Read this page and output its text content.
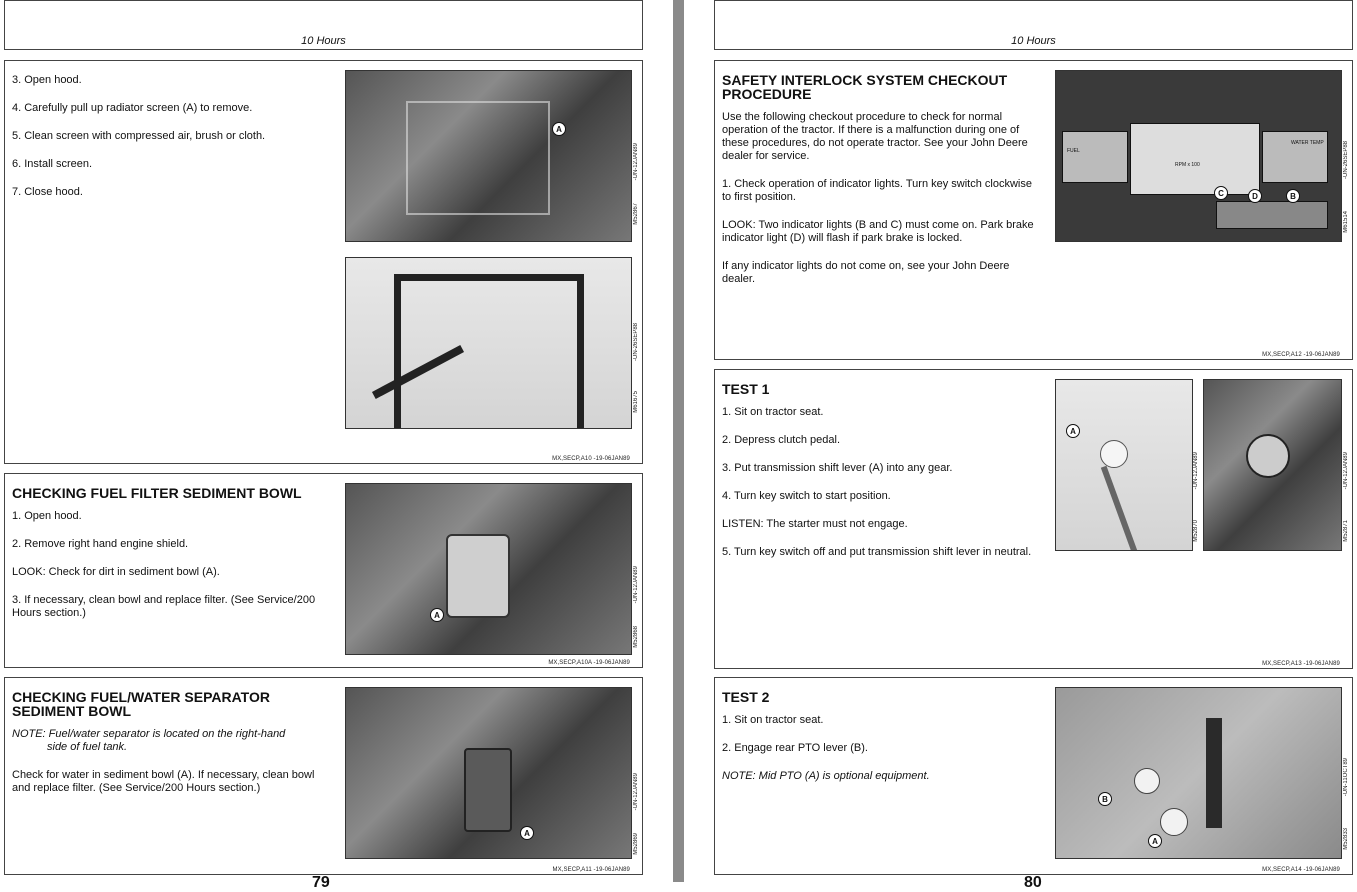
10 Hours

3. Open hood.

4. Carefully pull up radiator screen (A) to remove.

5. Clean screen with compressed air, brush or cloth.

6. Install screen.

7. Close hood.

A
M52867
-UN-12JAN89
M61675
-UN-26SEP88
MX,SECP,A10 -19-06JAN89
CHECKING FUEL FILTER SEDIMENT BOWL

1. Open hood.

2. Remove right hand engine shield.

LOOK: Check for dirt in sediment bowl (A).

3. If necessary, clean bowl and replace filter. (See Service/200 Hours section.)	A
M52868
-UN-12JAN89
MX,SECP,A10A -19-06JAN89
CHECKING FUEL/WATER SEPARATOR SEDIMENT BOWL

NOTE: Fuel/water separator is located on the right-hand
side of fuel tank.

Check for water in sediment bowl (A). If necessary, clean bowl and replace filter. (See Service/200 Hours section.)

A	M52869
-UN-12JAN89
MX,SECP,A11 -19-06JAN89
79
10 Hours
SAFETY INTERLOCK SYSTEM CHECKOUT PROCEDURE

Use the following checkout procedure to check for normal operation of the tractor. If there is a malfunction during one of these procedures, do not operate tractor. See your John Deere dealer for service.

1. Check operation of indicator lights. Turn key switch clockwise to first position.

LOOK: Two indicator lights (B and C) must come on. Park brake indicator light (D) will flash if park brake is locked.

If any indicator lights do not come on, see your John Deere dealer.

FUEL
RPM x 100
WATER TEMP
C	D	B
M61514
-UN-26SEP88
MX,SECP,A12 -19-06JAN89
TEST 1

1. Sit on tractor seat.

2. Depress clutch pedal.

3. Put transmission shift lever (A) into any gear.

4. Turn key switch to start position.

LISTEN: The starter must not engage.

5. Turn key switch off and put transmission shift lever in neutral.

A
M52870
-UN-12JAN89
M52871
-UN-12JAN89
MX,SECP,A13 -19-06JAN89
TEST 2

1. Sit on tractor seat.

2. Engage rear PTO lever (B).

NOTE: Mid PTO (A) is optional equipment.

B
A	M52833
-UN-11OCT89
MX,SECP,A14 -19-06JAN89
80
